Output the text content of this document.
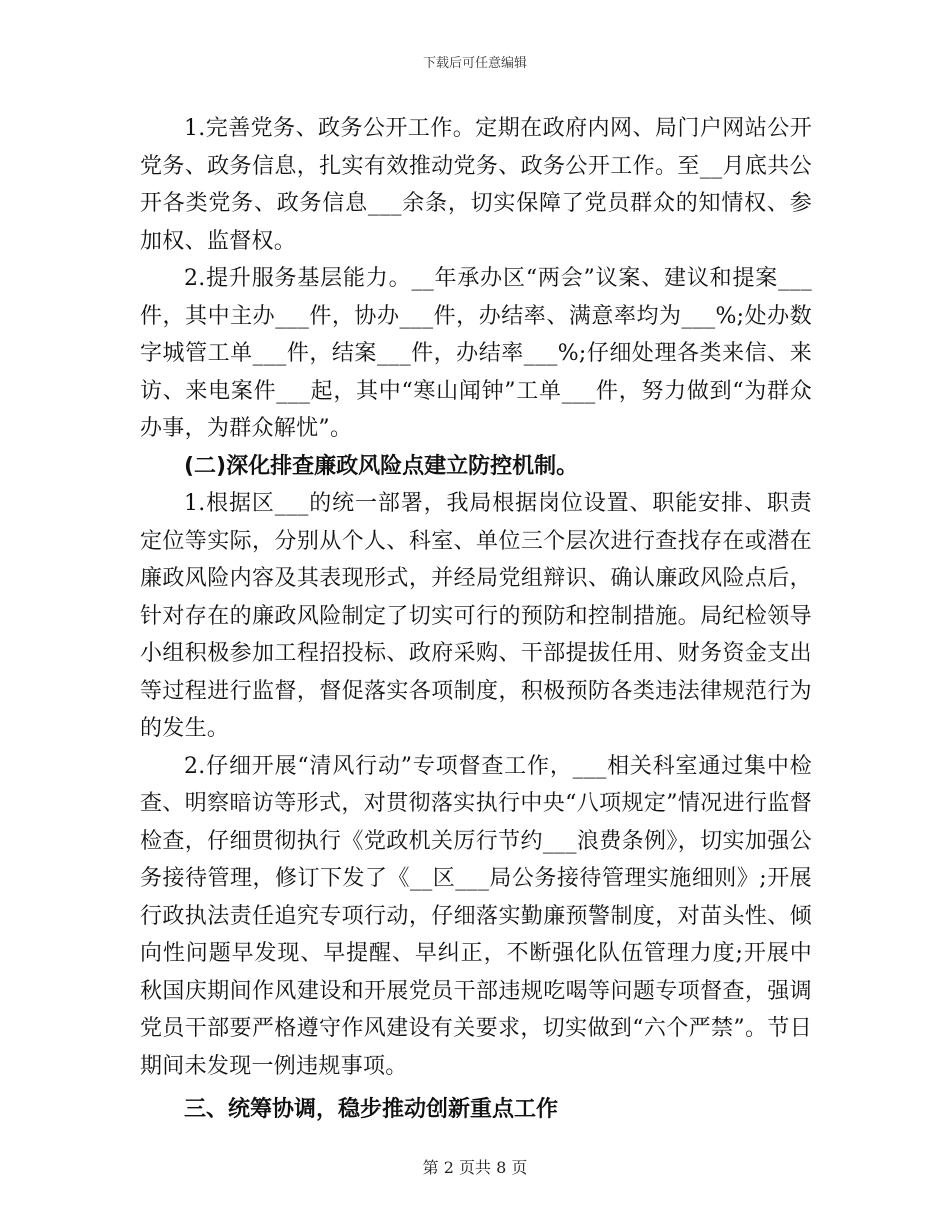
下载后可任意编辑

1.完善党务、政务公开工作。定期在政府内网、局门户网站公开党务、政务信息，扎实有效推动党务、政务公开工作。至__月底共公开各类党务、政务信息___余条，切实保障了党员群众的知情权、参加权、监督权。

2.提升服务基层能力。__年承办区“两会”议案、建议和提案___件，其中主办___件，协办___件，办结率、满意率均为___%;处办数字城管工单___件，结案___件，办结率___%;仔细处理各类来信、来访、来电案件___起，其中“寒山闻钟”工单___件，努力做到“为群众办事，为群众解忧”。

(二)深化排查廉政风险点建立防控机制。

1.根据区___的统一部署，我局根据岗位设置、职能安排、职责定位等实际，分别从个人、科室、单位三个层次进行查找存在或潜在廉政风险内容及其表现形式，并经局党组辩识、确认廉政风险点后，针对存在的廉政风险制定了切实可行的预防和控制措施。局纪检领导小组积极参加工程招投标、政府采购、干部提拔任用、财务资金支出等过程进行监督，督促落实各项制度，积极预防各类违法律规范行为的发生。

2.仔细开展“清风行动”专项督查工作，___相关科室通过集中检查、明察暗访等形式，对贯彻落实执行中央“八项规定”情况进行监督检查，仔细贯彻执行《党政机关厉行节约___浪费条例》，切实加强公务接待管理，修订下发了《__区___局公务接待管理实施细则》;开展行政执法责任追究专项行动，仔细落实勤廉预警制度，对苗头性、倾向性问题早发现、早提醒、早纠正，不断强化队伍管理力度;开展中秋国庆期间作风建设和开展党员干部违规吃喝等问题专项督查，强调党员干部要严格遵守作风建设有关要求，切实做到“六个严禁”。节日期间未发现一例违规事项。

三、统筹协调，稳步推动创新重点工作

第 2 页共 8 页
